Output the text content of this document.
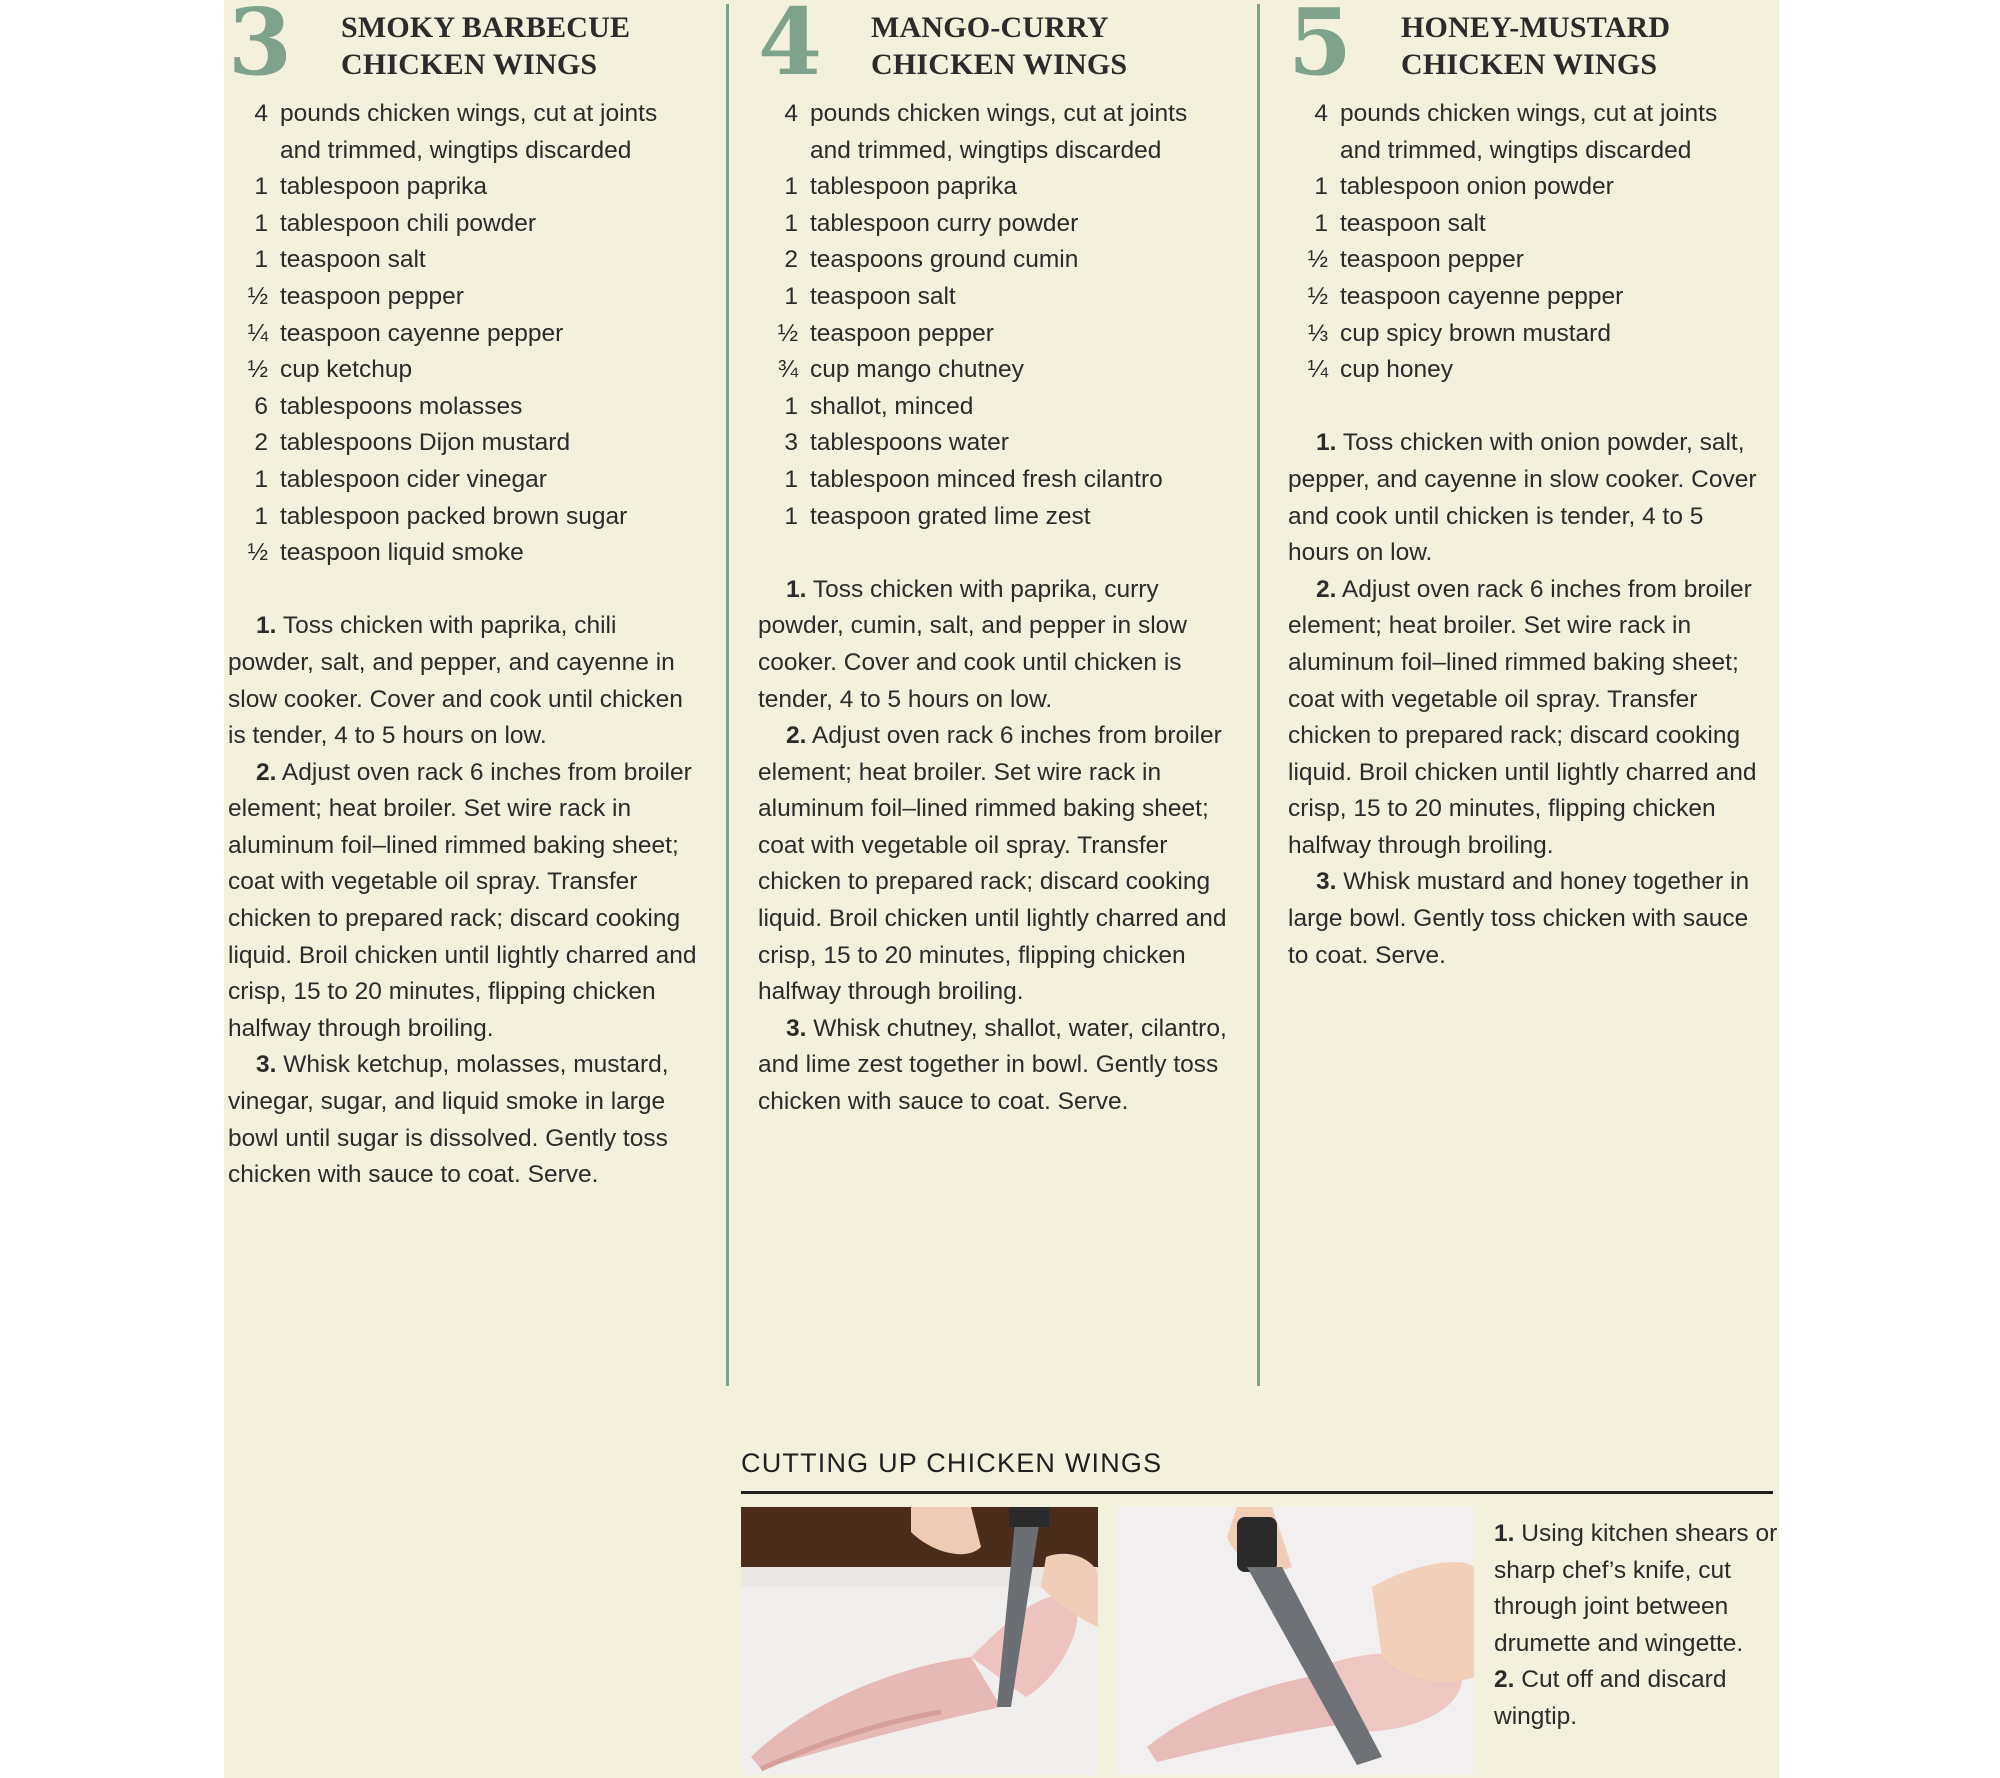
3 SMOKY BARBECUE
CHICKEN WINGS
4 pounds chicken wings, cut at joints and trimmed, wingtips discarded
1 tablespoon paprika
1 tablespoon chili powder
1 teaspoon salt
½ teaspoon pepper
¼ teaspoon cayenne pepper
½ cup ketchup
6 tablespoons molasses
2 tablespoons Dijon mustard
1 tablespoon cider vinegar
1 tablespoon packed brown sugar
½ teaspoon liquid smoke

1. Toss chicken with paprika, chili powder, salt, and pepper, and cayenne in slow cooker. Cover and cook until chicken is tender, 4 to 5 hours on low.

2. Adjust oven rack 6 inches from broiler element; heat broiler. Set wire rack in aluminum foil–lined rimmed baking sheet; coat with vegetable oil spray. Transfer chicken to prepared rack; discard cooking liquid. Broil chicken until lightly charred and crisp, 15 to 20 minutes, flipping chicken halfway through broiling.

3. Whisk ketchup, molasses, mustard, vinegar, sugar, and liquid smoke in large bowl until sugar is dissolved. Gently toss chicken with sauce to coat. Serve.

4 MANGO-CURRY
CHICKEN WINGS
4 pounds chicken wings, cut at joints and trimmed, wingtips discarded
1 tablespoon paprika
1 tablespoon curry powder
2 teaspoons ground cumin
1 teaspoon salt
½ teaspoon pepper
¾ cup mango chutney
1 shallot, minced
3 tablespoons water
1 tablespoon minced fresh cilantro
1 teaspoon grated lime zest

1. Toss chicken with paprika, curry powder, cumin, salt, and pepper in slow cooker. Cover and cook until chicken is tender, 4 to 5 hours on low.

2. Adjust oven rack 6 inches from broiler element; heat broiler. Set wire rack in aluminum foil–lined rimmed baking sheet; coat with vegetable oil spray. Transfer chicken to prepared rack; discard cooking liquid. Broil chicken until lightly charred and crisp, 15 to 20 minutes, flipping chicken halfway through broiling.

3. Whisk chutney, shallot, water, cilantro, and lime zest together in bowl. Gently toss chicken with sauce to coat. Serve.

5 HONEY-MUSTARD
CHICKEN WINGS
4 pounds chicken wings, cut at joints and trimmed, wingtips discarded
1 tablespoon onion powder
1 teaspoon salt
½ teaspoon pepper
½ teaspoon cayenne pepper
⅓ cup spicy brown mustard
¼ cup honey

1. Toss chicken with onion powder, salt, pepper, and cayenne in slow cooker. Cover and cook until chicken is tender, 4 to 5 hours on low.

2. Adjust oven rack 6 inches from broiler element; heat broiler. Set wire rack in aluminum foil–lined rimmed baking sheet; coat with vegetable oil spray. Transfer chicken to prepared rack; discard cooking liquid. Broil chicken until lightly charred and crisp, 15 to 20 minutes, flipping chicken halfway through broiling.

3. Whisk mustard and honey together in large bowl. Gently toss chicken with sauce to coat. Serve.

CUTTING UP CHICKEN WINGS

1. Using kitchen shears or sharp chef’s knife, cut through joint between drumette and wingette.

2. Cut off and discard wingtip.
